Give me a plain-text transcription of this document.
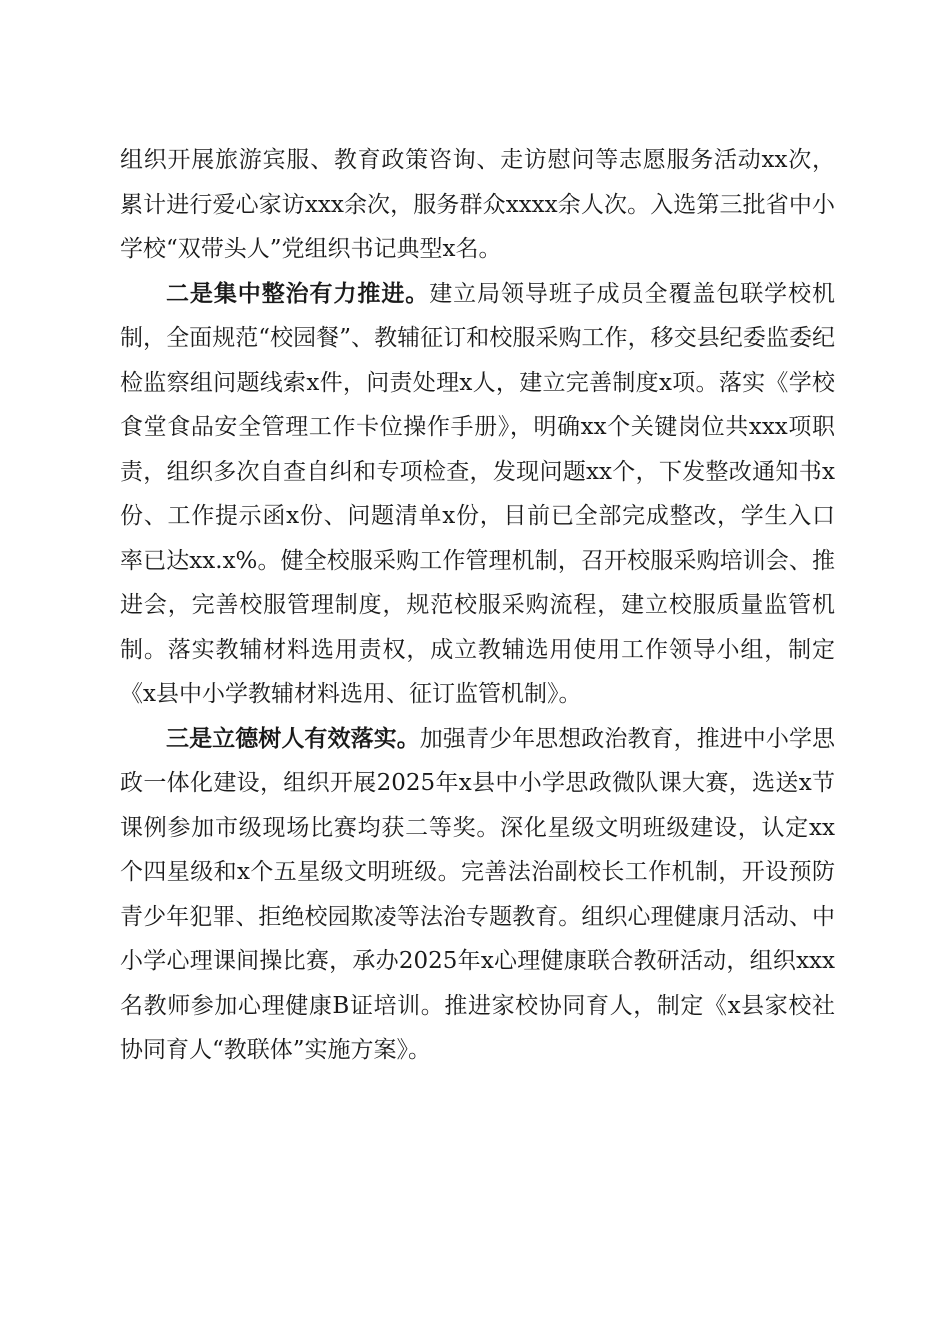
组织开展旅游宾服、教育政策咨询、走访慰问等志愿服务活动xx次，累计进行爱心家访xxx余次，服务群众xxxx余人次。入选第三批省中小学校“双带头人”党组织书记典型x名。

二是集中整治有力推进。建立局领导班子成员全覆盖包联学校机制，全面规范“校园餐”、教辅征订和校服采购工作，移交县纪委监委纪检监察组问题线索x件，问责处理x人，建立完善制度x项。落实《学校食堂食品安全管理工作卡位操作手册》，明确xx个关键岗位共xxx项职责，组织多次自查自纠和专项检查，发现问题xx个，下发整改通知书x份、工作提示函x份、问题清单x份，目前已全部完成整改，学生入口率已达xx.x%。健全校服采购工作管理机制，召开校服采购培训会、推进会，完善校服管理制度，规范校服采购流程，建立校服质量监管机制。落实教辅材料选用责权，成立教辅选用使用工作领导小组，制定《x县中小学教辅材料选用、征订监管机制》。

三是立德树人有效落实。加强青少年思想政治教育，推进中小学思政一体化建设，组织开展2025年x县中小学思政微队课大赛，选送x节课例参加市级现场比赛均获二等奖。深化星级文明班级建设，认定xx个四星级和x个五星级文明班级。完善法治副校长工作机制，开设预防青少年犯罪、拒绝校园欺凌等法治专题教育。组织心理健康月活动、中小学心理课间操比赛，承办2025年x心理健康联合教研活动，组织xxx名教师参加心理健康B证培训。推进家校协同育人，制定《x县家校社协同育人“教联体”实施方案》。
